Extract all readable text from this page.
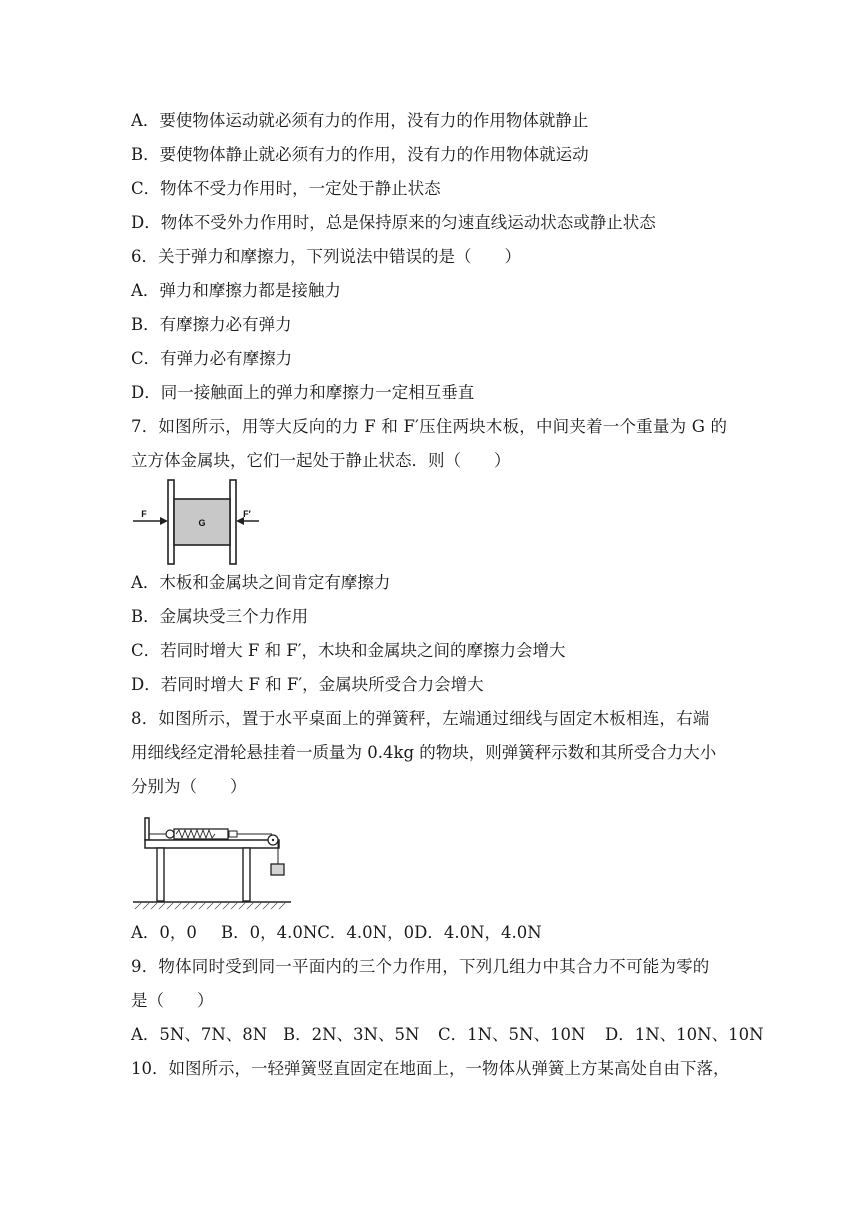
A．要使物体运动就必须有力的作用，没有力的作用物体就静止

B．要使物体静止就必须有力的作用，没有力的作用物体就运动

C．物体不受力作用时，一定处于静止状态

D．物体不受外力作用时，总是保持原来的匀速直线运动状态或静止状态

6．关于弹力和摩擦力，下列说法中错误的是（　　）

A．弹力和摩擦力都是接触力

B．有摩擦力必有弹力

C．有弹力必有摩擦力

D．同一接触面上的弹力和摩擦力一定相互垂直

7．如图所示，用等大反向的力 F 和 F′压住两块木板，中间夹着一个重量为 G 的

立方体金属块，它们一起处于静止状态．则（　　）

G
F	F′

A．木板和金属块之间肯定有摩擦力

B．金属块受三个力作用

C．若同时增大 F 和 F′，木块和金属块之间的摩擦力会增大

D．若同时增大 F 和 F′，金属块所受合力会增大

8．如图所示，置于水平桌面上的弹簧秤，左端通过细线与固定木板相连，右端

用细线经定滑轮悬挂着一质量为 0.4kg 的物块，则弹簧秤示数和其所受合力大小

分别为（　　）

A．0，0 B．0，4.0NC．4.0N，0D．4.0N，4.0N

9．物体同时受到同一平面内的三个力作用，下列几组力中其合力不可能为零的

是（　　）

A．5N、7N、8N B．2N、3N、5N C．1N、5N、10N D．1N、10N、10N

10．如图所示，一轻弹簧竖直固定在地面上，一物体从弹簧上方某高处自由下落，
